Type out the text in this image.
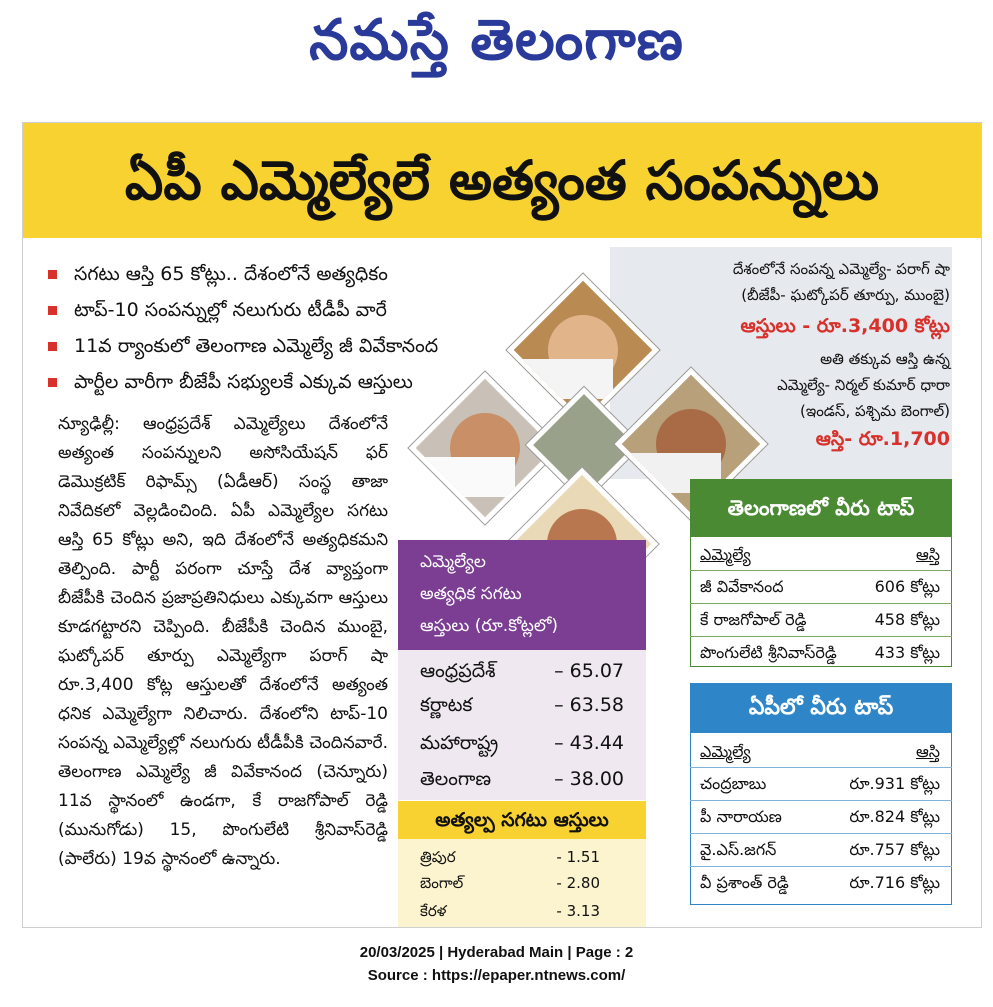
నమస్తే తెలంగాణ
ఏపీ ఎమ్మెల్యేలే అత్యంత సంపన్నులు
సగటు ఆస్తి 65 కోట్లు.. దేశంలోనే అత్యధికం
టాప్‌-10 సంపన్నుల్లో నలుగురు టీడీపీ వారే
11వ ర్యాంకులో తెలంగాణ ఎమ్మెల్యే జీ వివేకానంద
పార్టీల వారీగా బీజేపీ సభ్యులకే ఎక్కువ ఆస్తులు
న్యూఢిల్లీ: ఆంధ్రప్రదేశ్‌ ఎమ్మెల్యేలు దేశంలోనే అత్యంత సంపన్నులని అసోసియేషన్‌ ఫర్‌ డెమొక్రటిక్‌ రిఫామ్స్‌ (ఏడీఆర్‌) సంస్థ తాజా నివేదికలో వెల్లడించింది. ఏపీ ఎమ్మెల్యేల సగటు ఆస్తి 65 కోట్లు అని, ఇది దేశంలోనే అత్యధికమని తెల్పింది. పార్టీ పరంగా చూస్తే దేశ వ్యాప్తంగా బీజేపీకి చెందిన ప్రజాప్రతినిధులు ఎక్కువగా ఆస్తులు కూడగట్టారని చెప్పింది. బీజేపీకి చెందిన ముంబై, ఘట్కోపర్‌ తూర్పు ఎమ్మెల్యేగా పరాగ్‌ షా రూ.3,400 కోట్ల ఆస్తులతో దేశంలోనే అత్యంత ధనిక ఎమ్మెల్యేగా నిలిచారు. దేశంలోని టాప్‌-10 సంపన్న ఎమ్మెల్యేల్లో నలుగురు టీడీపీకి చెందినవారే. తెలంగాణ ఎమ్మెల్యే జీ వివేకానంద (చెన్నూరు) 11వ స్థానంలో ఉండగా, కే రాజగోపాల్‌ రెడ్డి (మునుగోడు) 15, పొంగులేటి శ్రీనివాస్‌రెడ్డి (పాలేరు) 19వ స్థానంలో ఉన్నారు.
దేశంలోనే సంపన్న ఎమ్మెల్యే- పరాగ్‌ షా
(బీజేపీ- ఘట్కోపర్‌ తూర్పు, ముంబై)
ఆస్తులు - రూ.3,400 కోట్లు
అతి తక్కువ ఆస్తి ఉన్న
ఎమ్మెల్యే- నిర్మల్‌ కుమార్‌ ధారా
(ఇండస్‌, పశ్చిమ బెంగాల్‌)
ఆస్తి- రూ.1,700
తెలంగాణలో వీరు టాప్‌
ఎమ్మెల్యే	ఆస్తి
జీ వివేకానంద	606 కోట్లు
కే రాజగోపాల్‌ రెడ్డి	458 కోట్లు
పొంగులేటి శ్రీనివాస్‌రెడ్డి 433 కోట్లు
ఏపీలో వీరు టాప్‌
ఎమ్మెల్యే	ఆస్తి
చంద్రబాబు	రూ.931 కోట్లు
పీ నారాయణ	రూ.824 కోట్లు
వై.ఎస్‌.జగన్‌	రూ.757 కోట్లు
వీ ప్రశాంత్‌ రెడ్డి	రూ.716 కోట్లు
ఎమ్మెల్యేల
అత్యధిక సగటు
ఆస్తులు (రూ.కోట్లలో)
ఆంధ్రప్రదేశ్‌	– 65.07
కర్ణాటక	– 63.58
మహారాష్ట్ర	– 43.44
తెలంగాణ	– 38.00
అత్యల్ప సగటు ఆస్తులు
త్రిపుర	- 1.51
బెంగాల్‌	- 2.80
కేరళ	- 3.13
20/03/2025 | Hyderabad Main | Page : 2
Source : https://epaper.ntnews.com/
